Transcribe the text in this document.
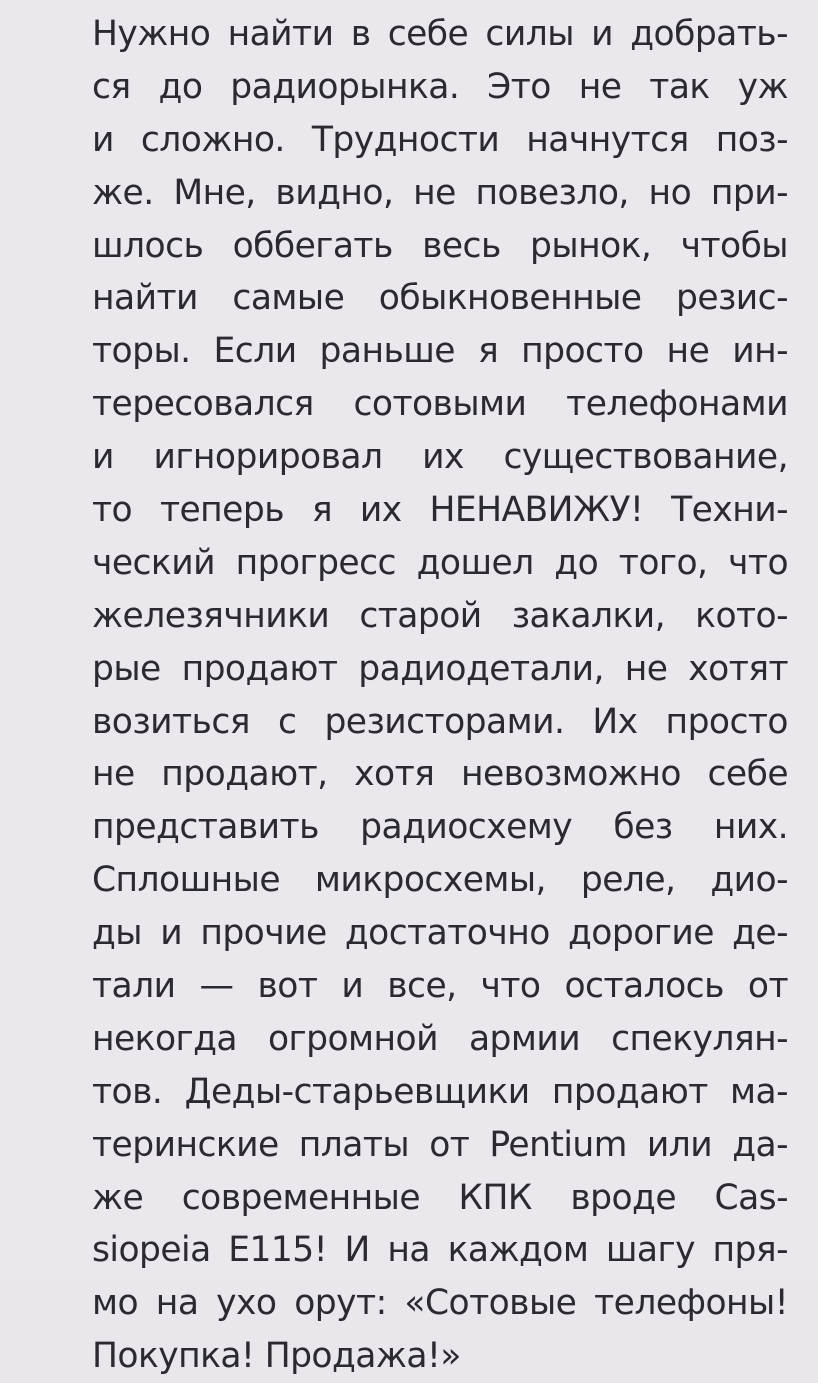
Нужно найти в себе силы и добрать-
ся до радиорынка. Это не так уж
и сложно. Трудности начнутся поз-
же. Мне, видно, не повезло, но при-
шлось оббегать весь рынок, чтобы
найти самые обыкновенные резис-
торы. Если раньше я просто не ин-
тересовался сотовыми телефонами
и игнорировал их существование,
то теперь я их НЕНАВИЖУ! Техни-
ческий прогресс дошел до того, что
железячники старой закалки, кото-
рые продают радиодетали, не хотят
возиться с резисторами. Их просто
не продают, хотя невозможно себе
представить радиосхему без них.
Сплошные микросхемы, реле, дио-
ды и прочие достаточно дорогие де-
тали — вот и все, что осталось от
некогда огромной армии спекулян-
тов. Деды-старьевщики продают ма-
теринские платы от Pentium или да-
же современные КПК вроде Cas-
siopeia E115! И на каждом шагу пря-
мо на ухо орут: «Сотовые телефоны!
Покупка! Продажа!»
